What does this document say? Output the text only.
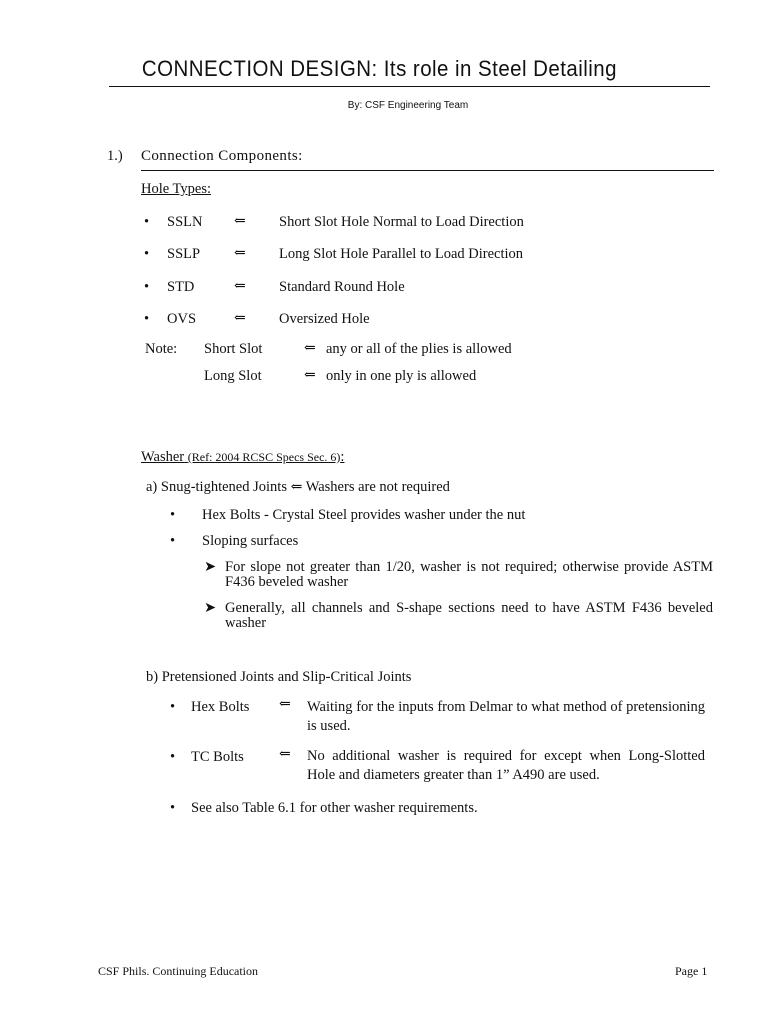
CONNECTION DESIGN: Its role in Steel Detailing
By: CSF Engineering Team
1.) Connection Components:
Hole Types:
•
SSLN ⇐ Short Slot Hole Normal to Load Direction
•
SSLP ⇐ Long Slot Hole Parallel to Load Direction
•
STD	⇐ Standard Round Hole
•
OVS	⇐ Oversized Hole
Note: Short Slot	⇐ any or all of the plies is allowed
Long Slot	⇐ only in one ply is allowed
Washer (Ref: 2004 RCSC Specs Sec. 6):
a) Snug-tightened Joints ⇐ Washers are not required
•
Hex Bolts - Crystal Steel provides washer under the nut
•
Sloping surfaces
➤ For slope not greater than 1/20, washer is not required; otherwise provide ASTM F436 beveled washer
➤ Generally, all channels and S-shape sections need to have ASTM F436 beveled washer
b) Pretensioned Joints and Slip-Critical Joints
•
Hex Bolts ⇐ Waiting for the inputs from Delmar to what method of pretensioning is used.
•
TC Bolts	⇐ No additional washer is required for except when Long-Slotted Hole and diameters greater than 1” A490 are used.
•
See also Table 6.1 for other washer requirements.
CSF Phils. Continuing Education	Page 1
